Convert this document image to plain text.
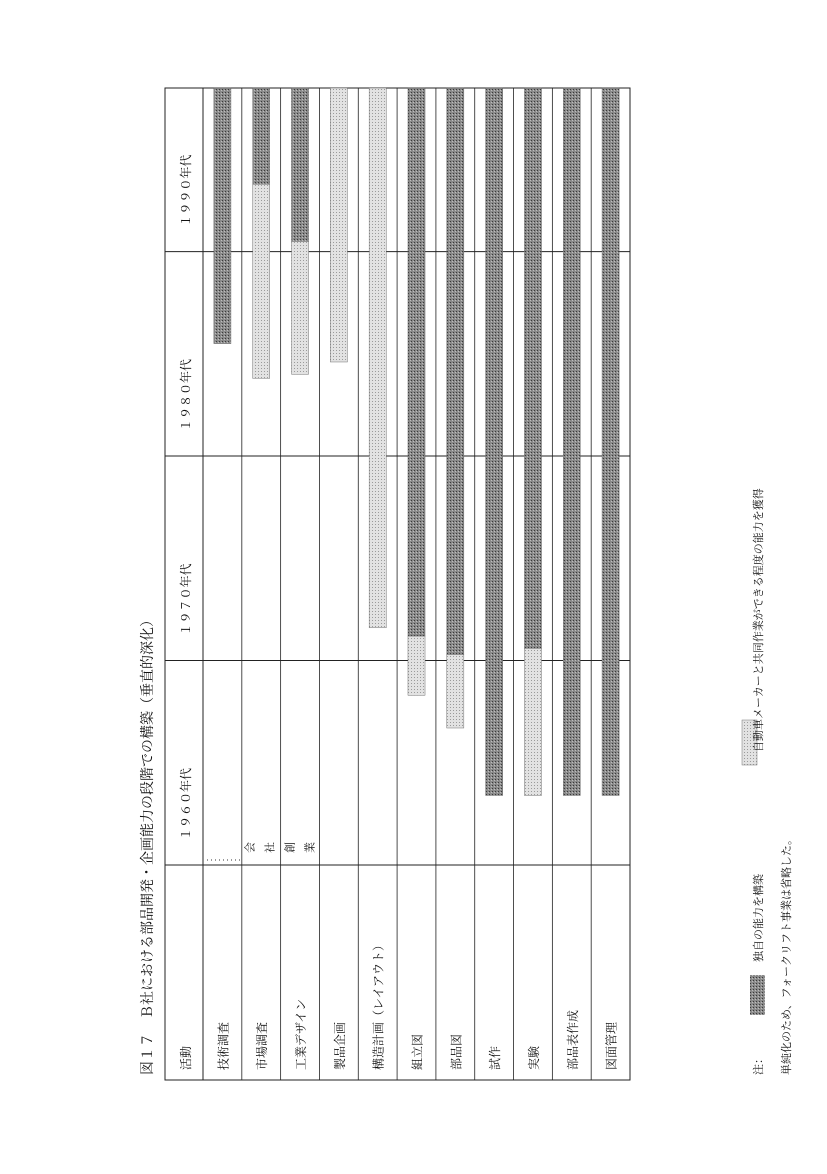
図１７　Ｂ社における部品開発・企画能力の段階での構築（垂直的深化） 活動
１９６０年代
１９７０年代
１９８０年代
１９９０年代
技術調査 市場調査 工業デザイン 製品企画 構造計画（レイアウト） 組立図 部品図 試作 実験 部品表作成 図面管理
会 社 創 業
注：
独自の能力を構築
自動車メーカーと共同作業ができる程度の能力を獲得
単純化のため、フォークリフト事業は省略した。
